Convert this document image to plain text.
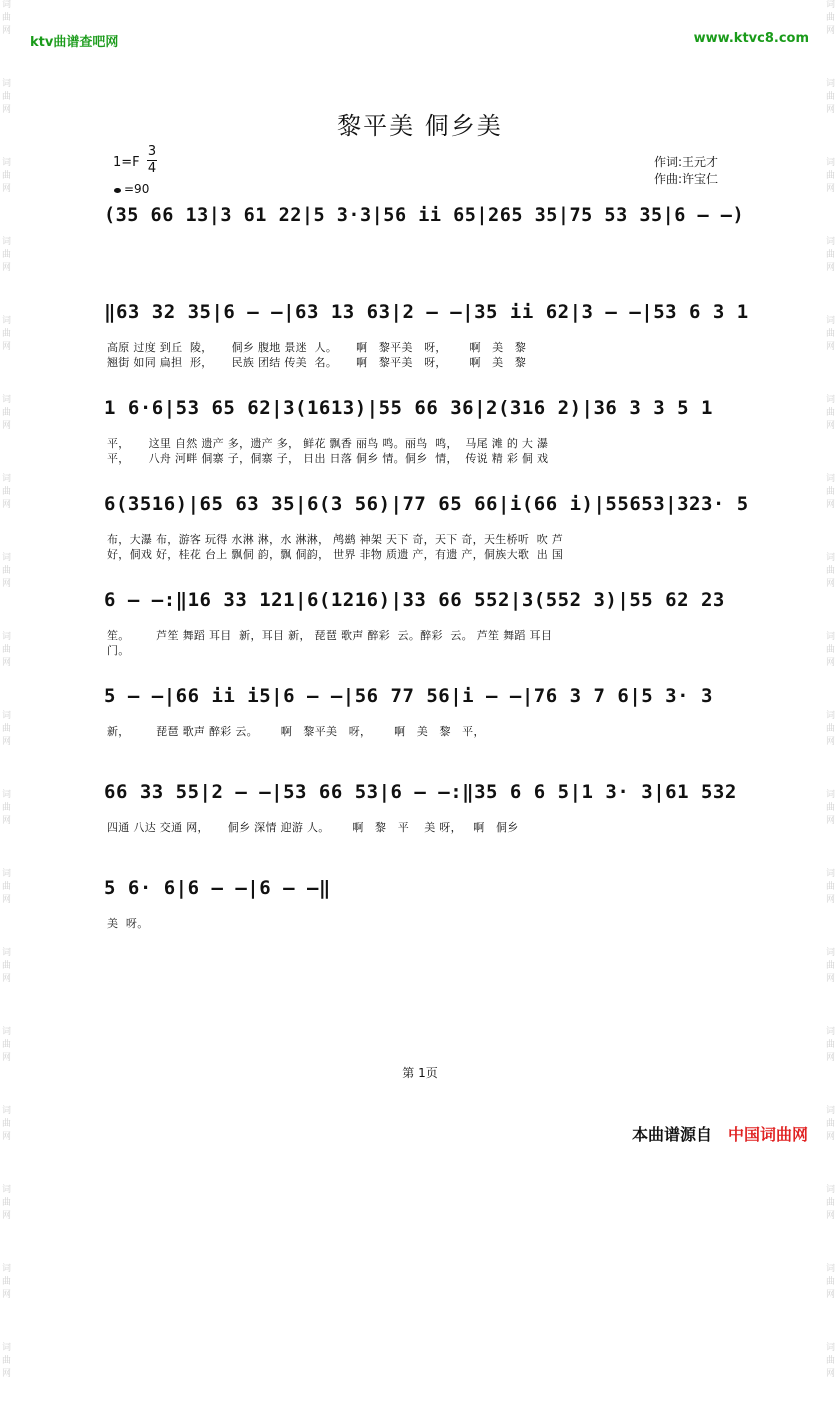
词
曲
网
词
曲
网
词
曲
网
词
曲
网
词
曲
网
词
曲
网
词
曲
网
词
曲
网
词
曲
网
词
曲
网
词
曲
网
词
曲
网
词
曲
网
词
曲
网
词
曲
网
词
曲
网
词
曲
网
词
曲
网
词
曲
网
词
曲
网
词
曲
网
词
曲
网
词
曲
网
词
曲
网
词
曲
网
词
曲
网
词
曲
网
词
曲
网
词
曲
网
词
曲
网
词
曲
网
词
曲
网
词
曲
网
词
曲
网
词
曲
网
词
曲
网
ktv曲谱查吧网	www.ktvc8.com
黎平美 侗乡美
1=F
3
4
=90
作词:王元才
作曲:许宝仁
(35 66 13|3 61 22|5 3·3|56 ii 65|265 35|75 53 35|6 — —)
‖63 32 35|6 — —|63 13 63|2 — —|35 ii 62|3 — —|53 6 3 1
高原 过度 到丘  陵，     侗乡 腹地 景迷  人。     啊   黎平美   呀，      啊   美   黎
翘街 如同 扁担  形，     民族 团结 传美  名。     啊   黎平美   呀，      啊   美   黎
1 6·6|53 65 62|3(1613)|55 66 36|2(316 2)|36 3 3 5 1
平，     这里 自然 遗产 多，遗产 多， 鲜花 飘香 丽鸟 鸣。丽鸟  鸣，  马尾 滩 的 大 瀑
平，     八舟 河畔 侗寨 子，侗寨 子， 日出 日落 侗乡 情。侗乡  情，  传说 精 彩 侗 戏
6(3516)|65 63 35|6(3 56)|77 65 66|i(66 i)|55653|323· 5
布，大瀑 布，游客 玩得 水淋 淋，水 淋淋， 鸬鹚 神架 天下 奇，天下 奇，天生桥听  吹 芦
好，侗戏 好，桂花 台上 飘侗 韵，飘 侗韵， 世界 非物 质遗 产，有遗 产，侗族大歌  出 国
6 — —:‖16 33 121|6(1216)|33 66 552|3(552 3)|55 62 23
笙。       芦笙 舞蹈 耳目  新，耳目 新， 琵琶 歌声 醉彩  云。醉彩  云。 芦笙 舞蹈 耳目
门。
5 — —|66 ii i5|6 — —|56 77 56|i — —|76 3 7 6|5 3· 3
新，       琵琶 歌声 醉彩 云。      啊   黎平美   呀，      啊   美   黎   平，
66 33 55|2 — —|53 66 53|6 — —:‖35 6 6 5|1 3· 3|61 532
四通 八达 交通 网，     侗乡 深情 迎游 人。      啊   黎   平    美 呀，   啊   侗乡
5 6· 6|6 — —|6 — —‖
美  呀。
第 1页
本曲谱源自 中国词曲网
